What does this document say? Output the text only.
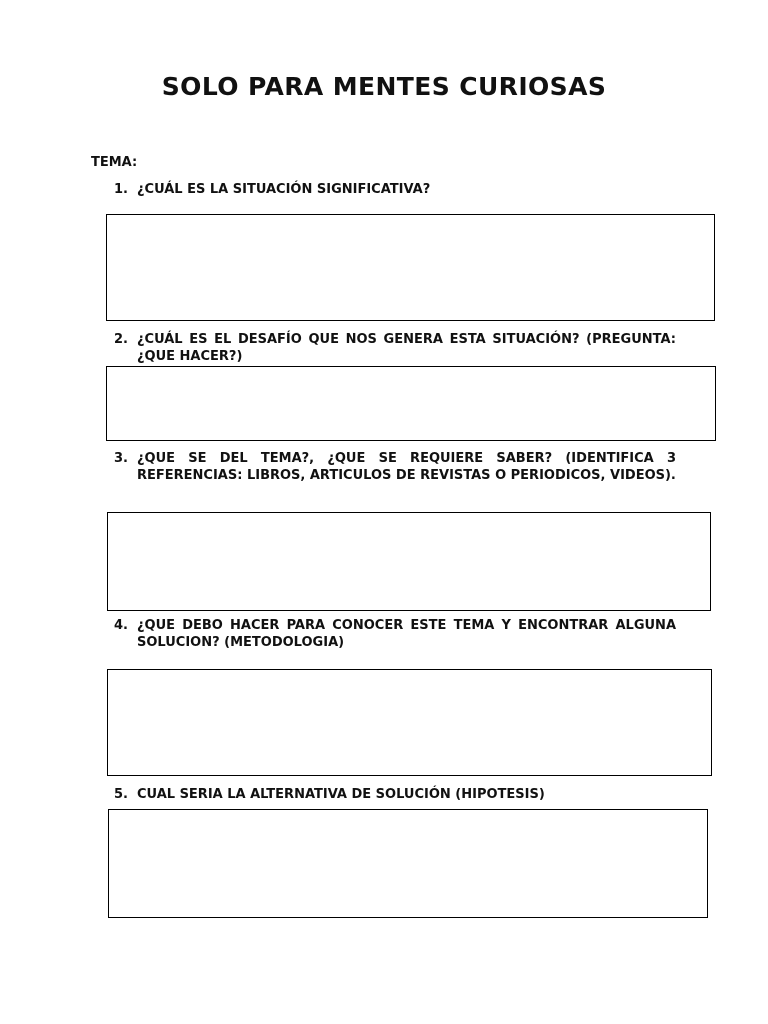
SOLO PARA MENTES CURIOSAS
TEMA:
1. ¿CUÁL ES LA SITUACIÓN SIGNIFICATIVA?
2. ¿CUÁL ES EL DESAFÍO QUE NOS GENERA ESTA SITUACIÓN? (PREGUNTA: ¿QUE HACER?)
3. ¿QUE SE DEL TEMA?, ¿QUE SE REQUIERE SABER? (IDENTIFICA 3 REFERENCIAS: LIBROS, ARTICULOS DE REVISTAS O PERIODICOS, VIDEOS).
4. ¿QUE DEBO HACER PARA CONOCER ESTE TEMA Y ENCONTRAR ALGUNA SOLUCION? (METODOLOGIA)
5. CUAL SERIA LA ALTERNATIVA DE SOLUCIÓN (HIPOTESIS)
